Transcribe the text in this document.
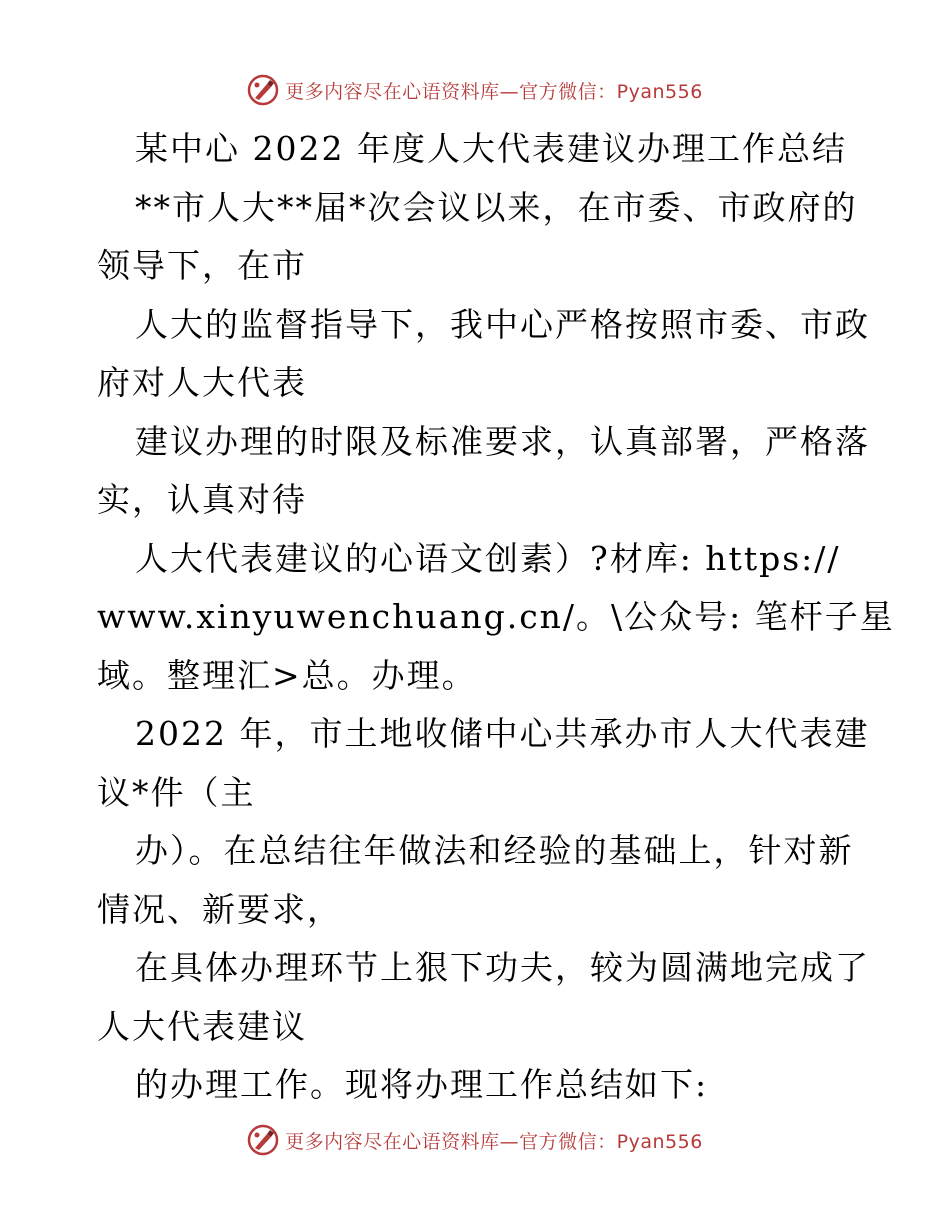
更多内容尽在心语资料库—官方微信：Pyan556
某中心 2022 年度人大代表建议办理工作总结
**市人大**届*次会议以来，在市委、市政府的
领导下，在市
人大的监督指导下，我中心严格按照市委、市政
府对人大代表
建议办理的时限及标准要求，认真部署，严格落
实，认真对待
人大代表建议的心语文创素）?材库: https://
www.xinyuwenchuang.cn/。\公众号: 笔杆子星
域。整理汇>总。办理。
2022 年，市土地收储中心共承办市人大代表建
议*件（主
办）。在总结往年做法和经验的基础上，针对新
情况、新要求，
在具体办理环节上狠下功夫，较为圆满地完成了
人大代表建议
的办理工作。现将办理工作总结如下:
更多内容尽在心语资料库—官方微信：Pyan556
